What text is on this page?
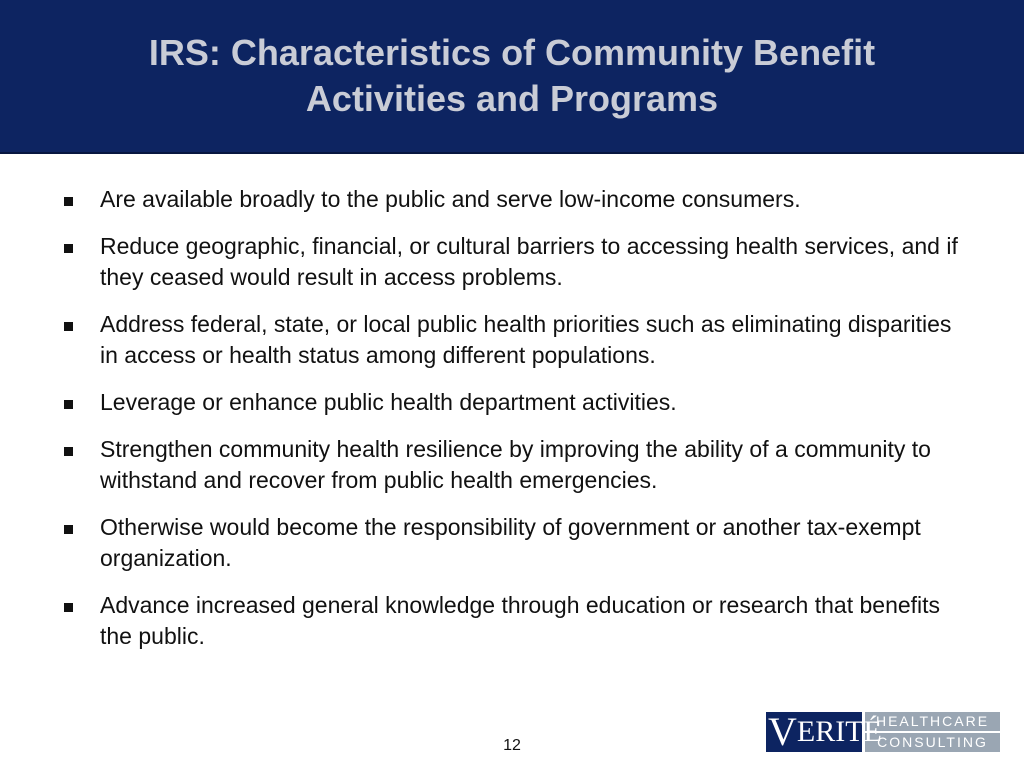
IRS: Characteristics of Community Benefit Activities and Programs
Are available broadly to the public and serve low-income consumers.
Reduce geographic, financial, or cultural barriers to accessing health services, and if they ceased would result in access problems.
Address federal, state, or local public health priorities such as eliminating disparities in access or health status among different populations.
Leverage or enhance public health department activities.
Strengthen community health resilience by improving the ability of a community to withstand and recover from public health emergencies.
Otherwise would become the responsibility of government or another tax-exempt organization.
Advance increased general knowledge through education or research that benefits the public.
12	VERITÉ
HEALTHCARE
CONSULTING
